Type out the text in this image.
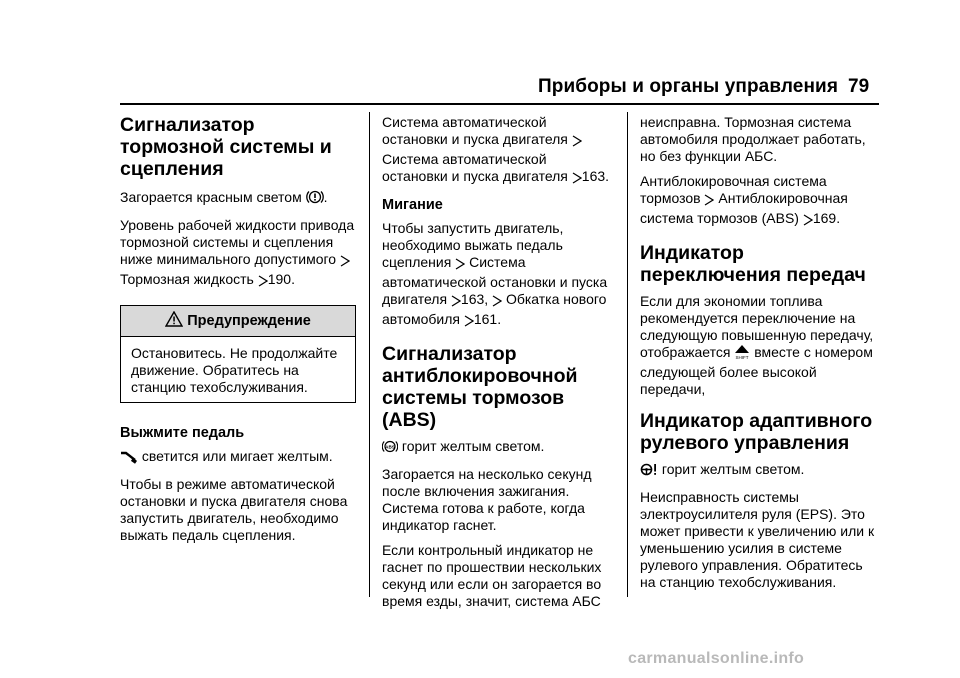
Приборы и органы управления 79
Сигнализатор тормозной системы и сцепления
Загорается красным светом .
Уровень рабочей жидкости привода тормозной системы и сцепления ниже минимального допустимого  Тормозная жидкость 190.
Предупреждение
Остановитесь. Не продолжайте движение. Обратитесь на станцию техобслуживания.
Выжмите педаль
светится или мигает желтым.
Чтобы в режиме автоматической остановки и пуска двигателя снова запустить двигатель, необходимо выжать педаль сцепления.
Система автоматической остановки и пуска двигателя  Система автоматической остановки и пуска двигателя 163.
Мигание
Чтобы запустить двигатель, необходимо выжать педаль сцепления Система автоматической остановки и пуска двигателя 163,  Обкатка нового автомобиля 161.
Сигнализатор антиблокировочной системы тормозов (ABS)
ABS горит желтым светом.
Загорается на несколько секунд после включения зажигания. Система готова к работе, когда индикатор гаснет.
Если контрольный индикатор не гаснет по прошествии нескольких секунд или если он загорается во время езды, значит, система АБС
неисправна. Тормозная система автомобиля продолжает работать, но без функции АБС.
Антиблокировочная система тормозов Антиблокировочная система тормозов (ABS) 169.
Индикатор переключения передач
Если для экономии топлива рекомендуется переключение на следующую повышенную передачу, отображается SHIFT вместе с номером следующей более высокой передачи,
Индикатор адаптивного рулевого управления
горит желтым светом.
Неисправность системы электроусилителя руля (EPS). Это может привести к увеличению или к уменьшению усилия в системе рулевого управления. Обратитесь на станцию техобслуживания.
carmanualsonline.info
